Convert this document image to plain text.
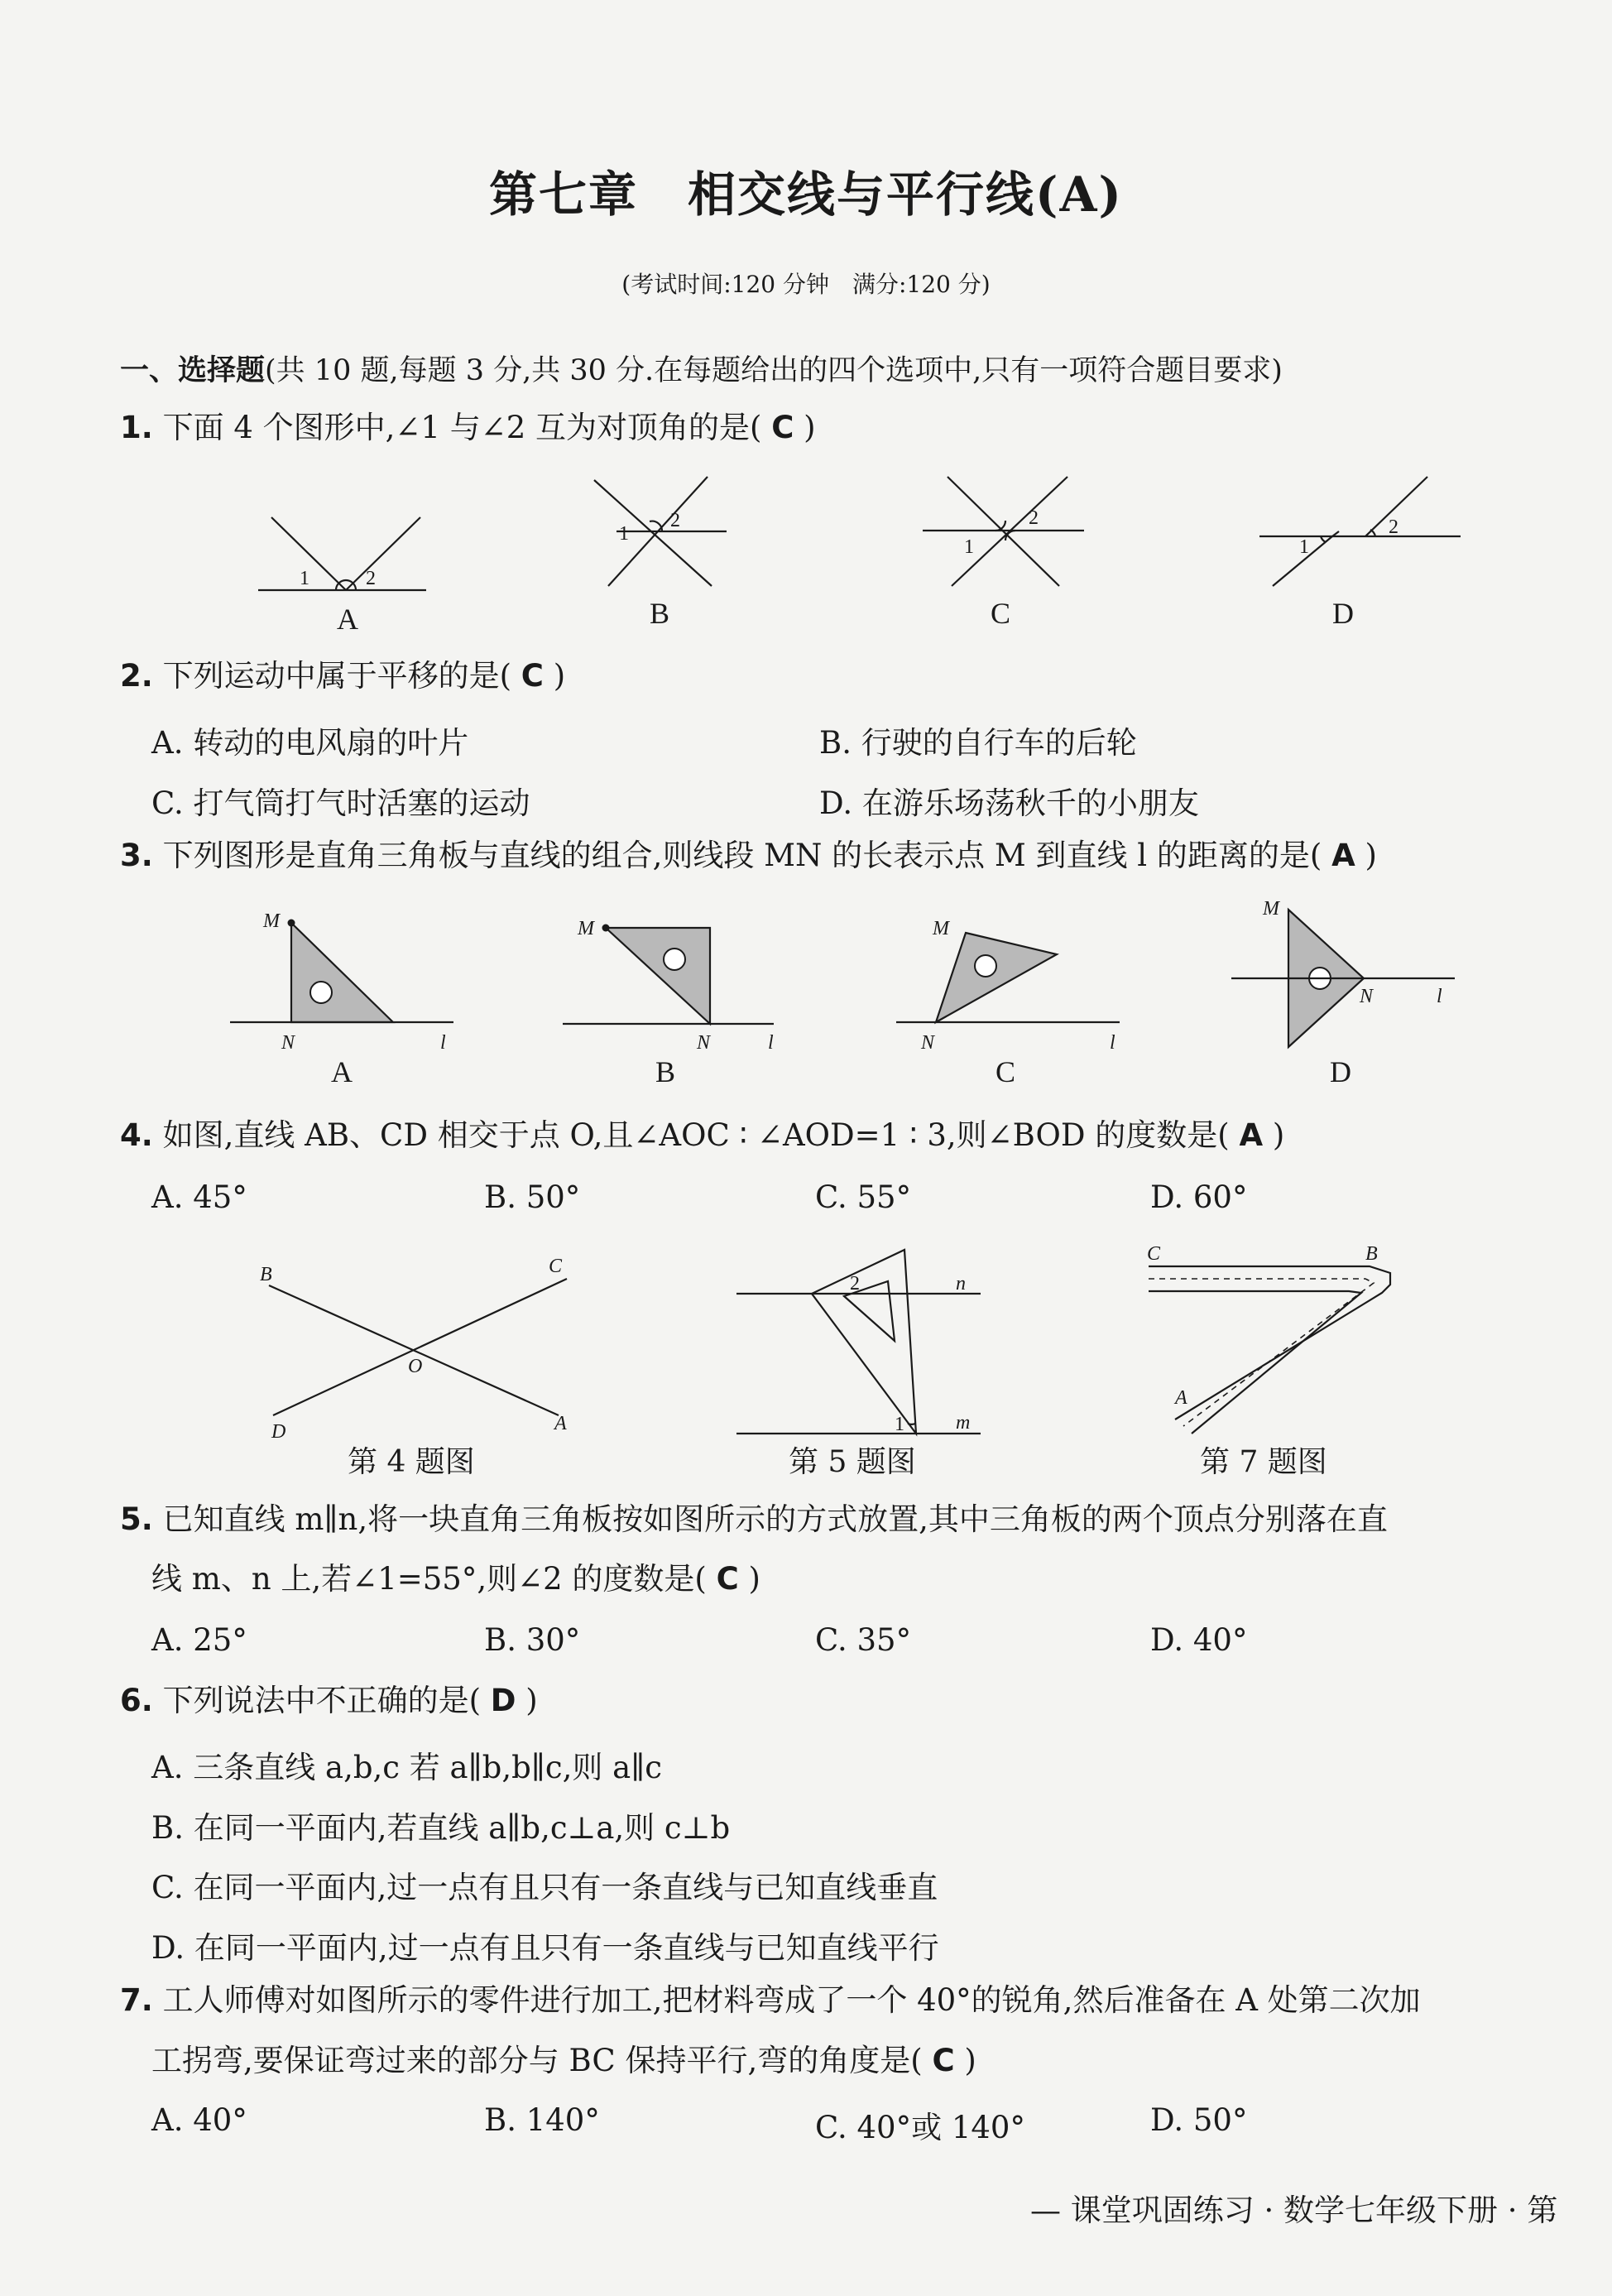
第七章　相交线与平行线(A)
(考试时间:120 分钟　满分:120 分)
一、选择题(共 10 题,每题 3 分,共 30 分.在每题给出的四个选项中,只有一项符合题目要求)
1. 下面 4 个图形中,∠1 与∠2 互为对顶角的是( C )
1	2
A
1
2
B
1
2
C
1
2
D
2. 下列运动中属于平移的是( C )
A. 转动的电风扇的叶片	B. 行驶的自行车的后轮
C. 打气筒打气时活塞的运动	D. 在游乐场荡秋千的小朋友
3. 下列图形是直角三角板与直线的组合,则线段 MN 的长表示点 M 到直线 l 的距离的是( A )
M
N	l
A
M
N	l
B
M
N	l
C
M
N	l
D
4. 如图,直线 AB、CD 相交于点 O,且∠AOC ∶ ∠AOD=1 ∶ 3,则∠BOD 的度数是( A )
A. 45°	B. 50°	C. 55°	D. 60°
B	C
O
D	A
第 4 题图
n
m
2
1
第 5 题图
C	B
A
第 7 题图
5. 已知直线 m∥n,将一块直角三角板按如图所示的方式放置,其中三角板的两个顶点分别落在直
线 m、n 上,若∠1=55°,则∠2 的度数是( C )
A. 25°	B. 30°	C. 35°	D. 40°
6. 下列说法中不正确的是( D )
A. 三条直线 a,b,c 若 a∥b,b∥c,则 a∥c
B. 在同一平面内,若直线 a∥b,c⊥a,则 c⊥b
C. 在同一平面内,过一点有且只有一条直线与已知直线垂直
D. 在同一平面内,过一点有且只有一条直线与已知直线平行
7. 工人师傅对如图所示的零件进行加工,把材料弯成了一个 40°的锐角,然后准备在 A 处第二次加
工拐弯,要保证弯过来的部分与 BC 保持平行,弯的角度是( C )
A. 40°	B. 140°	C. 40°或 140°	D. 50°
— 课堂巩固练习 · 数学七年级下册 · 第
